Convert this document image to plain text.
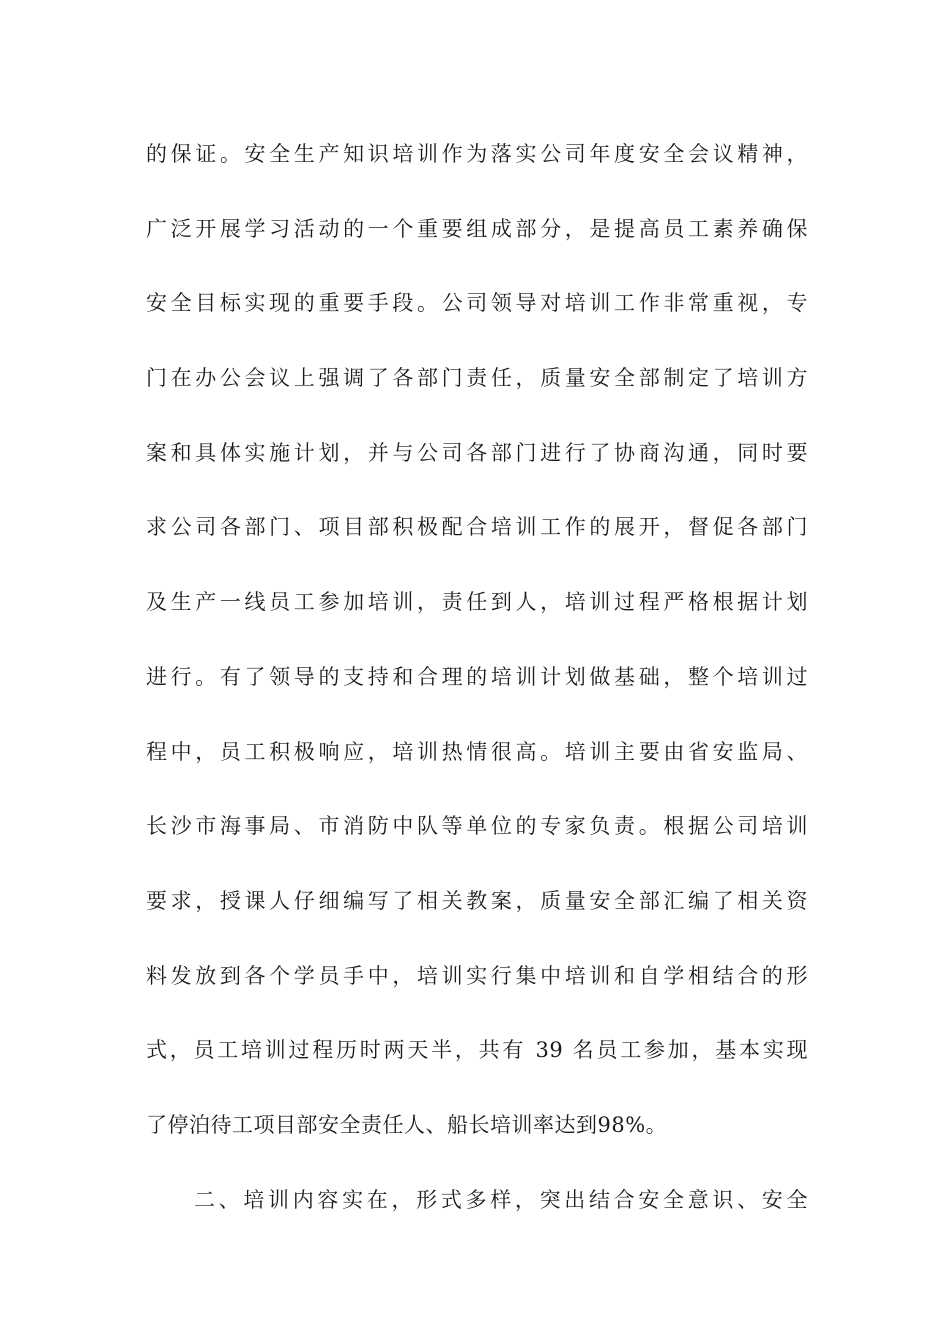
的保证。安全生产知识培训作为落实公司年度安全会议精神，
广泛开展学习活动的一个重要组成部分，是提高员工素养确保
安全目标实现的重要手段。公司领导对培训工作非常重视，专
门在办公会议上强调了各部门责任，质量安全部制定了培训方
案和具体实施计划，并与公司各部门进行了协商沟通，同时要
求公司各部门、项目部积极配合培训工作的展开，督促各部门
及生产一线员工参加培训，责任到人，培训过程严格根据计划
进行。有了领导的支持和合理的培训计划做基础，整个培训过
程中，员工积极响应，培训热情很高。培训主要由省安监局、
长沙市海事局、市消防中队等单位的专家负责。根据公司培训
要求，授课人仔细编写了相关教案，质量安全部汇编了相关资
料发放到各个学员手中，培训实行集中培训和自学相结合的形
式，员工培训过程历时两天半，共有 39 名员工参加，基本实现
了停泊待工项目部安全责任人、船长培训率达到98%。
二、培训内容实在，形式多样，突出结合安全意识、安全
